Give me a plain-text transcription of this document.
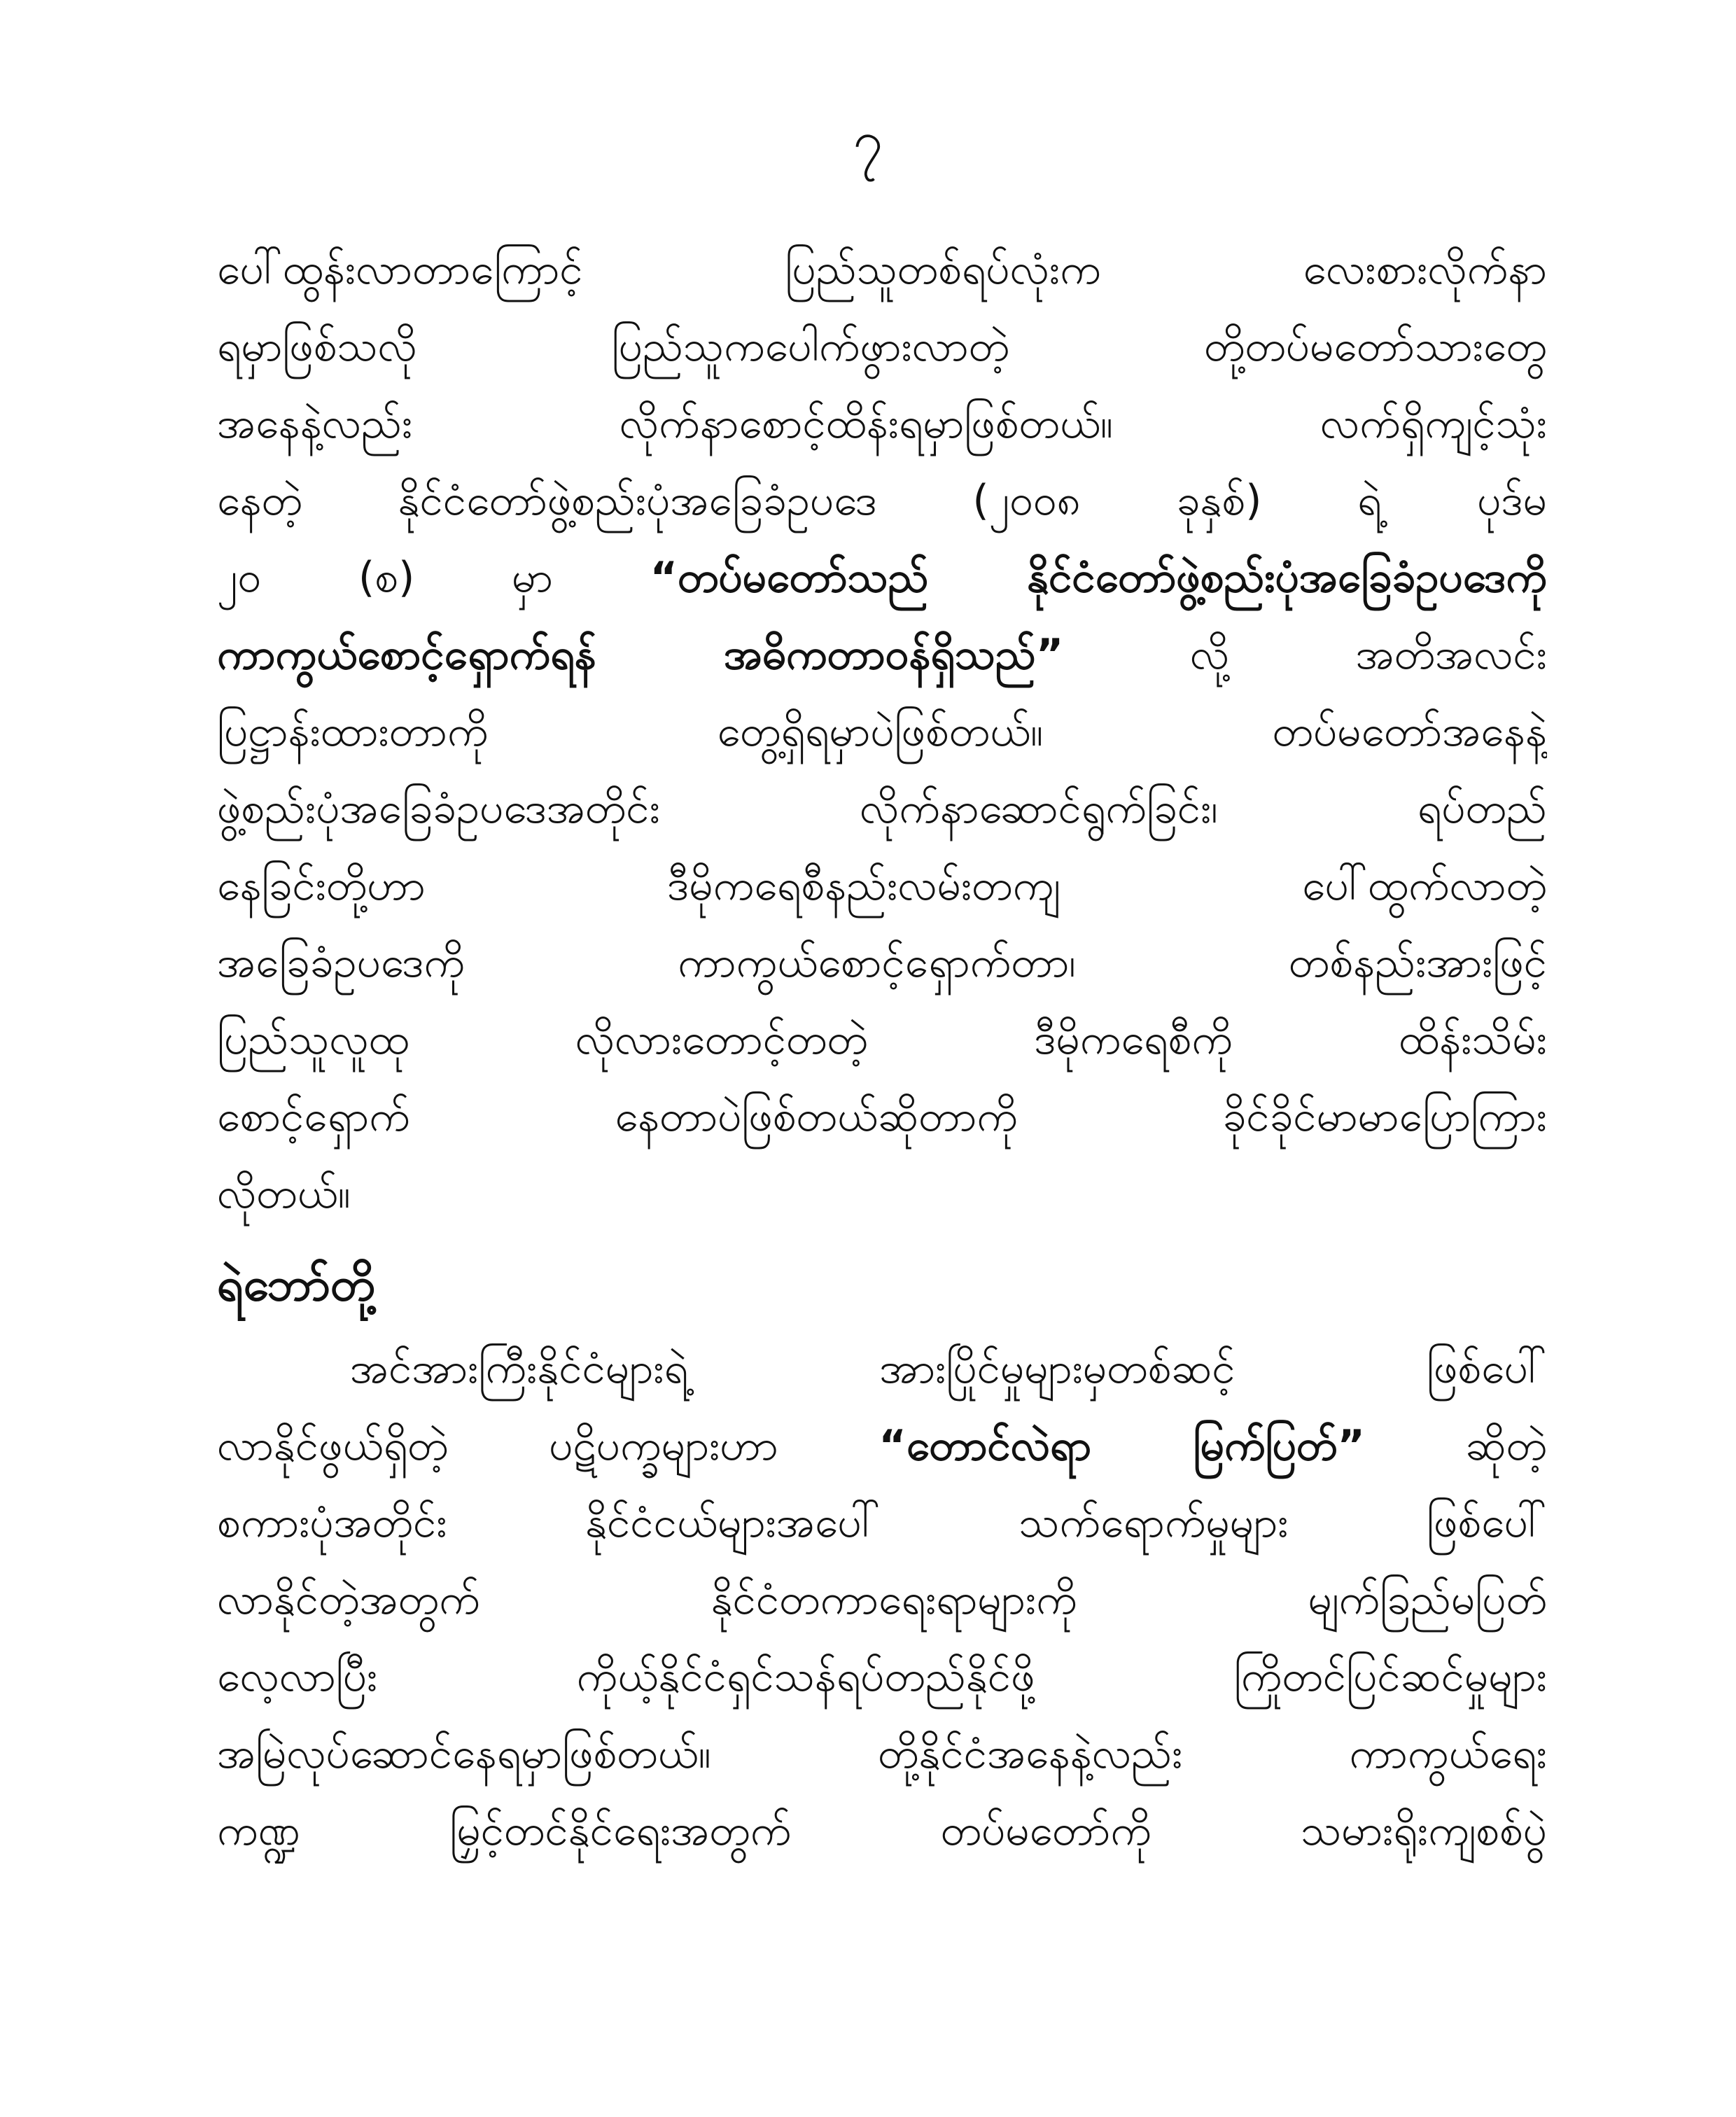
၇
ပေါ်ထွန်းလာတာကြောင့် ပြည်သူတစ်ရပ်လုံးက လေးစားလိုက်နာ
ရမှာဖြစ်သလို ပြည်သူကပေါက်ဖွားလာတဲ့ တို့တပ်မတော်သားတွေ
အနေနဲ့လည်း လိုက်နာစောင့်ထိန်းရမှာဖြစ်တယ်။ လက်ရှိကျင့်သုံး
နေတဲ့ နိုင်ငံတော်ဖွဲ့စည်းပုံအခြေခံဥပဒေ (၂၀၀၈ ခုနှစ်) ရဲ့ ပုဒ်မ
၂၀ (စ) မှာ “တပ်မတော်သည် နိုင်ငံတော်ဖွဲ့စည်းပုံအခြေခံဥပဒေကို
ကာကွယ်စောင့်ရှောက်ရန် အဓိကတာဝန်ရှိသည်” လို့ အတိအလင်း
ပြဋ္ဌာန်းထားတာကို တွေ့ရှိရမှာပဲဖြစ်တယ်။ တပ်မတော်အနေနဲ့
ဖွဲ့စည်းပုံအခြေခံဥပဒေအတိုင်း လိုက်နာဆောင်ရွက်ခြင်း၊ ရပ်တည်
နေခြင်းတို့ဟာ ဒီမိုကရေစီနည်းလမ်းတကျ ပေါ်ထွက်လာတဲ့
အခြေခံဥပဒေကို ကာကွယ်စောင့်ရှောက်တာ၊ တစ်နည်းအားဖြင့်
ပြည်သူလူထု လိုလားတောင့်တတဲ့ ဒီမိုကရေစီကို ထိန်းသိမ်း
စောင့်ရှောက် နေတာပဲဖြစ်တယ်ဆိုတာကို ခိုင်ခိုင်မာမာပြောကြား
လိုတယ်။
ရဲဘော်တို့
အင်အားကြီးနိုင်ငံများရဲ့ အားပြိုင်မှုများမှတစ်ဆင့် ဖြစ်ပေါ်
လာနိုင်ဖွယ်ရှိတဲ့ ပဋိပက္ခများဟာ “တောင်လဲရာ မြက်ပြတ်” ဆိုတဲ့
စကားပုံအတိုင်း နိုင်ငံငယ်များအပေါ် သက်ရောက်မှုများ ဖြစ်ပေါ်
လာနိုင်တဲ့အတွက် နိုင်ငံတကာရေးရာများကို မျက်ခြည်မပြတ်
လေ့လာပြီး ကိုယ့်နိုင်ငံရှင်သန်ရပ်တည်နိုင်ဖို့ ကြိုတင်ပြင်ဆင်မှုများ
အမြဲလုပ်ဆောင်နေရမှာဖြစ်တယ်။ တို့နိုင်ငံအနေနဲ့လည်း ကာကွယ်ရေး
ကဏ္ဍ မြှင့်တင်နိုင်ရေးအတွက် တပ်မတော်ကို သမားရိုးကျစစ်ပွဲ
